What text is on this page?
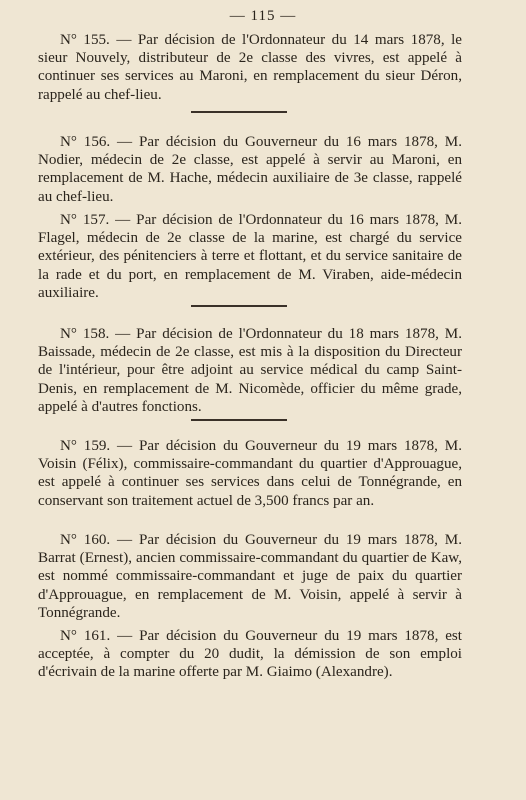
— 115 —

N° 155. — Par décision de l'Ordonnateur du 14 mars 1878, le sieur Nouvely, distributeur de 2e classe des vivres, est appelé à continuer ses services au Maroni, en remplacement du sieur Déron, rappelé au chef-lieu.

N° 156. — Par décision du Gouverneur du 16 mars 1878, M. Nodier, médecin de 2e classe, est appelé à servir au Maroni, en remplacement de M. Hache, médecin auxiliaire de 3e classe, rappelé au chef-lieu.

N° 157. — Par décision de l'Ordonnateur du 16 mars 1878, M. Flagel, médecin de 2e classe de la marine, est chargé du service extérieur, des pénitenciers à terre et flottant, et du service sanitaire de la rade et du port, en remplacement de M. Viraben, aide-médecin auxiliaire.

N° 158. — Par décision de l'Ordonnateur du 18 mars 1878, M. Baissade, médecin de 2e classe, est mis à la disposition du Directeur de l'intérieur, pour être adjoint au service médical du camp Saint-Denis, en remplacement de M. Nicomède, officier du même grade, appelé à d'autres fonctions.

N° 159. — Par décision du Gouverneur du 19 mars 1878, M. Voisin (Félix), commissaire-commandant du quartier d'Approuague, est appelé à continuer ses services dans celui de Tonnégrande, en conservant son traitement actuel de 3,500 francs par an.

N° 160. — Par décision du Gouverneur du 19 mars 1878, M. Barrat (Ernest), ancien commissaire-commandant du quartier de Kaw, est nommé commissaire-commandant et juge de paix du quartier d'Approuague, en remplacement de M. Voisin, appelé à servir à Tonnégrande.

N° 161. — Par décision du Gouverneur du 19 mars 1878, est acceptée, à compter du 20 dudit, la démission de son emploi d'écrivain de la marine offerte par M. Giaimo (Alexandre).
